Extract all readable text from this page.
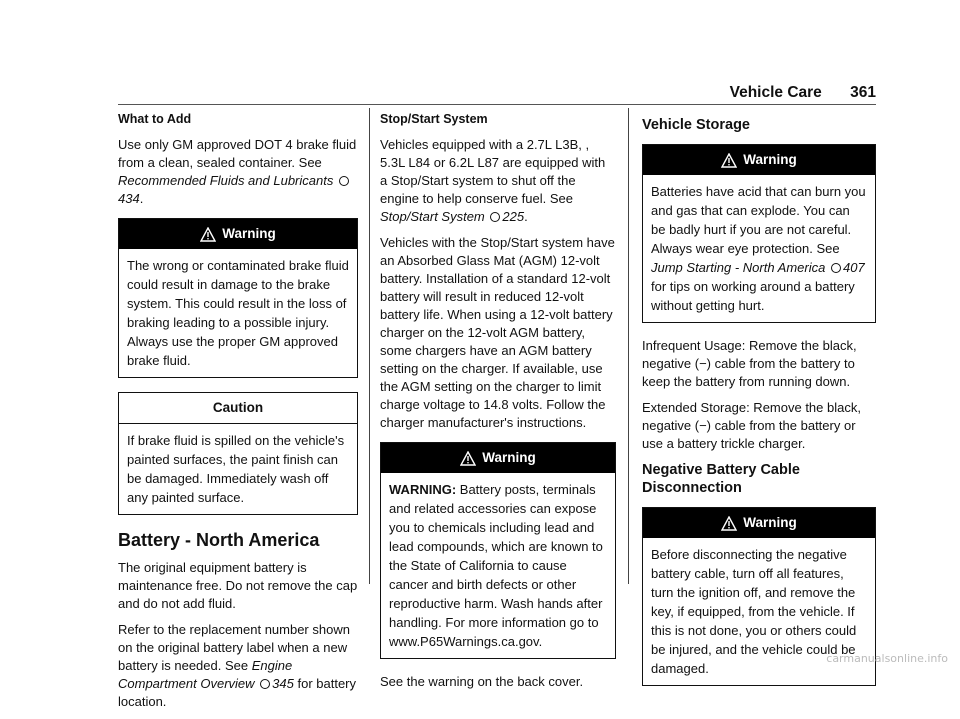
Vehicle Care 361
What to Add

Use only GM approved DOT 4 brake fluid from a clean, sealed container. See Recommended Fluids and Lubricants 434.

Warning
The wrong or contaminated brake fluid could result in damage to the brake system. This could result in the loss of braking leading to a possible injury. Always use the proper GM approved brake fluid.
Caution
If brake fluid is spilled on the vehicle's painted surfaces, the paint finish can be damaged. Immediately wash off any painted surface.
Battery - North America

The original equipment battery is maintenance free. Do not remove the cap and do not add fluid.

Refer to the replacement number shown on the original battery label when a new battery is needed. See Engine Compartment Overview 345 for battery location.

Stop/Start System

Vehicles equipped with a 2.7L L3B, , 5.3L L84 or 6.2L L87 are equipped with a Stop/Start system to shut off the engine to help conserve fuel. See Stop/Start System 225.

Vehicles with the Stop/Start system have an Absorbed Glass Mat (AGM) 12-volt battery. Installation of a standard 12-volt battery will result in reduced 12-volt battery life. When using a 12-volt battery charger on the 12-volt AGM battery, some chargers have an AGM battery setting on the charger. If available, use the AGM setting on the charger to limit charge voltage to 14.8 volts. Follow the charger manufacturer's instructions.

Warning
WARNING: Battery posts, terminals and related accessories can expose you to chemicals including lead and lead compounds, which are known to the State of California to cause cancer and birth defects or other reproductive harm. Wash hands after handling. For more information go to www.P65Warnings.ca.gov.

See the warning on the back cover.

Vehicle Storage
Warning
Batteries have acid that can burn you and gas that can explode. You can be badly hurt if you are not careful. Always wear eye protection. See Jump Starting - North America 407 for tips on working around a battery without getting hurt.

Infrequent Usage: Remove the black, negative (−) cable from the battery to keep the battery from running down.

Extended Storage: Remove the black, negative (−) cable from the battery or use a battery trickle charger.

Negative Battery Cable Disconnection
Warning
Before disconnecting the negative battery cable, turn off all features, turn the ignition off, and remove the key, if equipped, from the vehicle. If this is not done, you or others could be injured, and the vehicle could be damaged.
carmanualsonline.info
